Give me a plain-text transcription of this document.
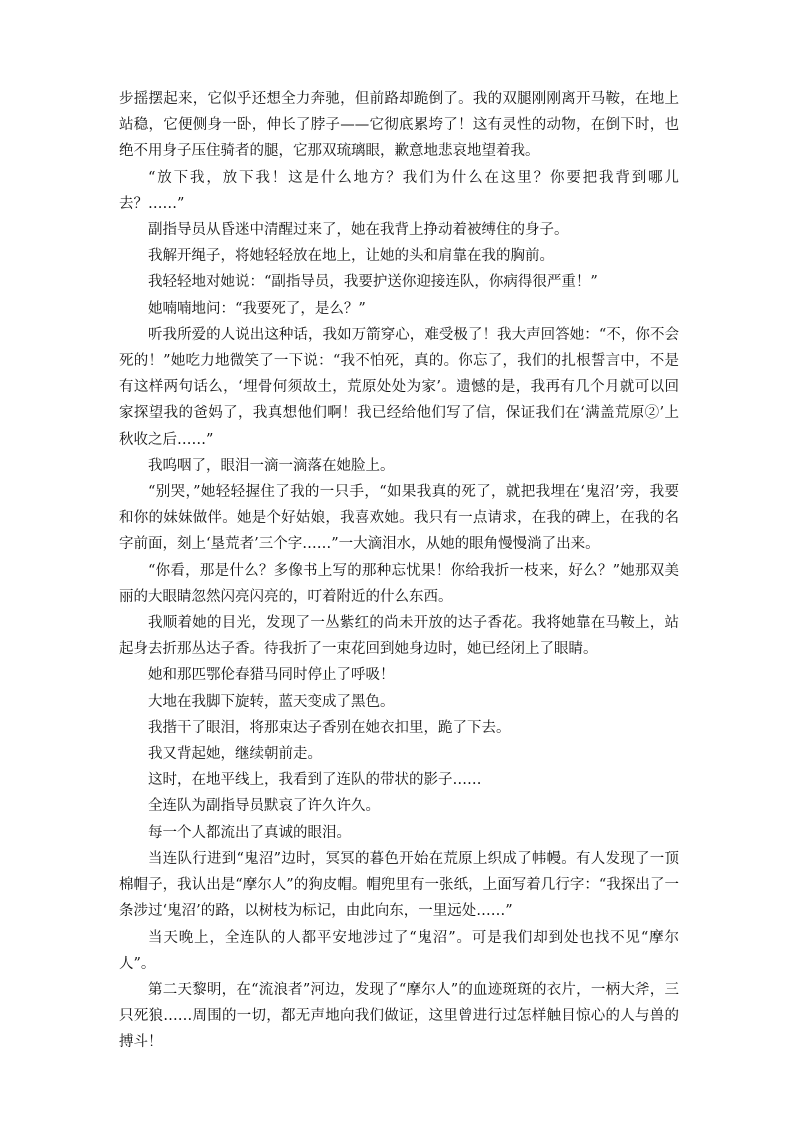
步摇摆起来，它似乎还想全力奔驰，但前路却跪倒了。我的双腿刚刚离开马鞍，在地上站稳，它便侧身一卧，伸长了脖子——它彻底累垮了！这有灵性的动物，在倒下时，也绝不用身子压住骑者的腿，它那双琉璃眼，歉意地悲哀地望着我。

“放下我，放下我！这是什么地方？我们为什么在这里？你要把我背到哪儿去？……”

副指导员从昏迷中清醒过来了，她在我背上挣动着被缚住的身子。

我解开绳子，将她轻轻放在地上，让她的头和肩靠在我的胸前。

我轻轻地对她说：“副指导员，我要护送你迎接连队，你病得很严重！”

她喃喃地问：“我要死了，是么？”

听我所爱的人说出这种话，我如万箭穿心，难受极了！我大声回答她：“不，你不会死的！”她吃力地微笑了一下说：“我不怕死，真的。你忘了，我们的扎根誓言中，不是有这样两句话么，‘埋骨何须故土，荒原处处为家’。遗憾的是，我再有几个月就可以回家探望我的爸妈了，我真想他们啊！我已经给他们写了信，保证我们在‘满盖荒原②’上秋收之后……”

我呜咽了，眼泪一滴一滴落在她脸上。

“别哭，”她轻轻握住了我的一只手，“如果我真的死了，就把我埋在‘鬼沼’旁，我要和你的妹妹做伴。她是个好姑娘，我喜欢她。我只有一点请求，在我的碑上，在我的名字前面，刻上‘垦荒者’三个字……”一大滴泪水，从她的眼角慢慢淌了出来。

“你看，那是什么？多像书上写的那种忘忧果！你给我折一枝来，好么？”她那双美丽的大眼睛忽然闪亮闪亮的，叮着附近的什么东西。

我顺着她的目光，发现了一丛紫红的尚未开放的达子香花。我将她靠在马鞍上，站起身去折那丛达子香。待我折了一束花回到她身边时，她已经闭上了眼睛。

她和那匹鄂伦春猎马同时停止了呼吸！

大地在我脚下旋转，蓝天变成了黑色。

我揩干了眼泪，将那束达子香别在她衣扣里，跪了下去。

我又背起她，继续朝前走。

这时，在地平线上，我看到了连队的带状的影子……

全连队为副指导员默哀了许久许久。

每一个人都流出了真诚的眼泪。

当连队行进到“鬼沼”边时，冥冥的暮色开始在荒原上织成了帏幔。有人发现了一顶棉帽子，我认出是“摩尔人”的狗皮帽。帽兜里有一张纸，上面写着几行字：“我探出了一条涉过‘鬼沼’的路，以树枝为标记，由此向东，一里远处……”

当天晚上，全连队的人都平安地涉过了“鬼沼”。可是我们却到处也找不见“摩尔人”。

第二天黎明，在“流浪者”河边，发现了“摩尔人”的血迹斑斑的衣片，一柄大斧，三只死狼……周围的一切，都无声地向我们做证，这里曾进行过怎样触目惊心的人与兽的搏斗！
